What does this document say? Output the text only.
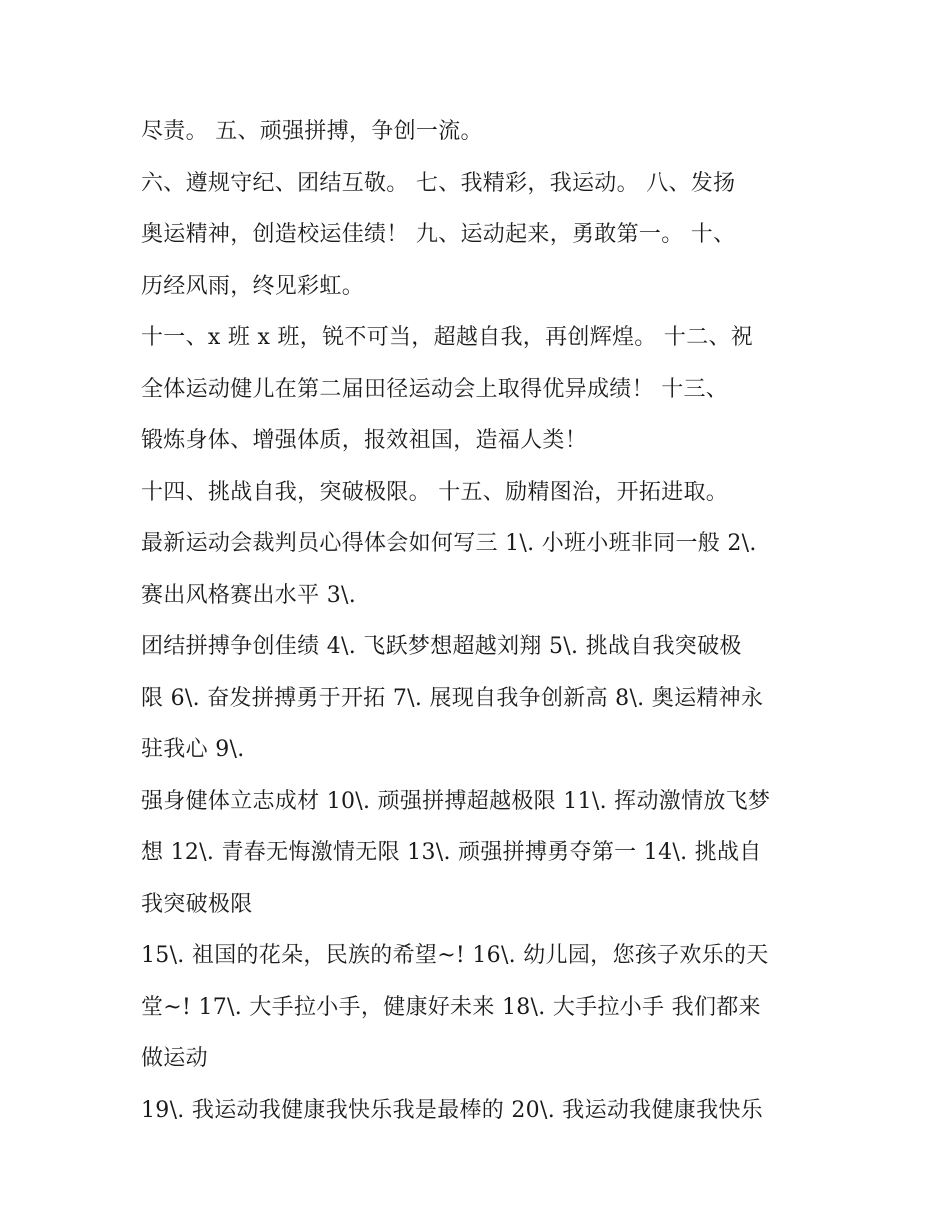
尽责。 五、顽强拼搏，争创一流。
六、遵规守纪、团结互敬。 七、我精彩，我运动。 八、发扬
奥运精神，创造校运佳绩！ 九、运动起来，勇敢第一。 十、
历经风雨，终见彩虹。
十一、x 班 x 班，锐不可当，超越自我，再创辉煌。 十二、祝
全体运动健儿在第二届田径运动会上取得优异成绩！ 十三、
锻炼身体、增强体质，报效祖国，造福人类！
十四、挑战自我，突破极限。 十五、励精图治，开拓进取。
最新运动会裁判员心得体会如何写三 1\. 小班小班非同一般 2\.
赛出风格赛出水平 3\.
团结拼搏争创佳绩 4\. 飞跃梦想超越刘翔 5\. 挑战自我突破极
限 6\. 奋发拼搏勇于开拓 7\. 展现自我争创新高 8\. 奥运精神永
驻我心 9\.
强身健体立志成材 10\. 顽强拼搏超越极限 11\. 挥动激情放飞梦
想 12\. 青春无悔激情无限 13\. 顽强拼搏勇夺第一 14\. 挑战自
我突破极限
15\. 祖国的花朵，民族的希望~! 16\. 幼儿园，您孩子欢乐的天
堂~! 17\. 大手拉小手，健康好未来 18\. 大手拉小手 我们都来
做运动
19\. 我运动我健康我快乐我是最棒的 20\. 我运动我健康我快乐
